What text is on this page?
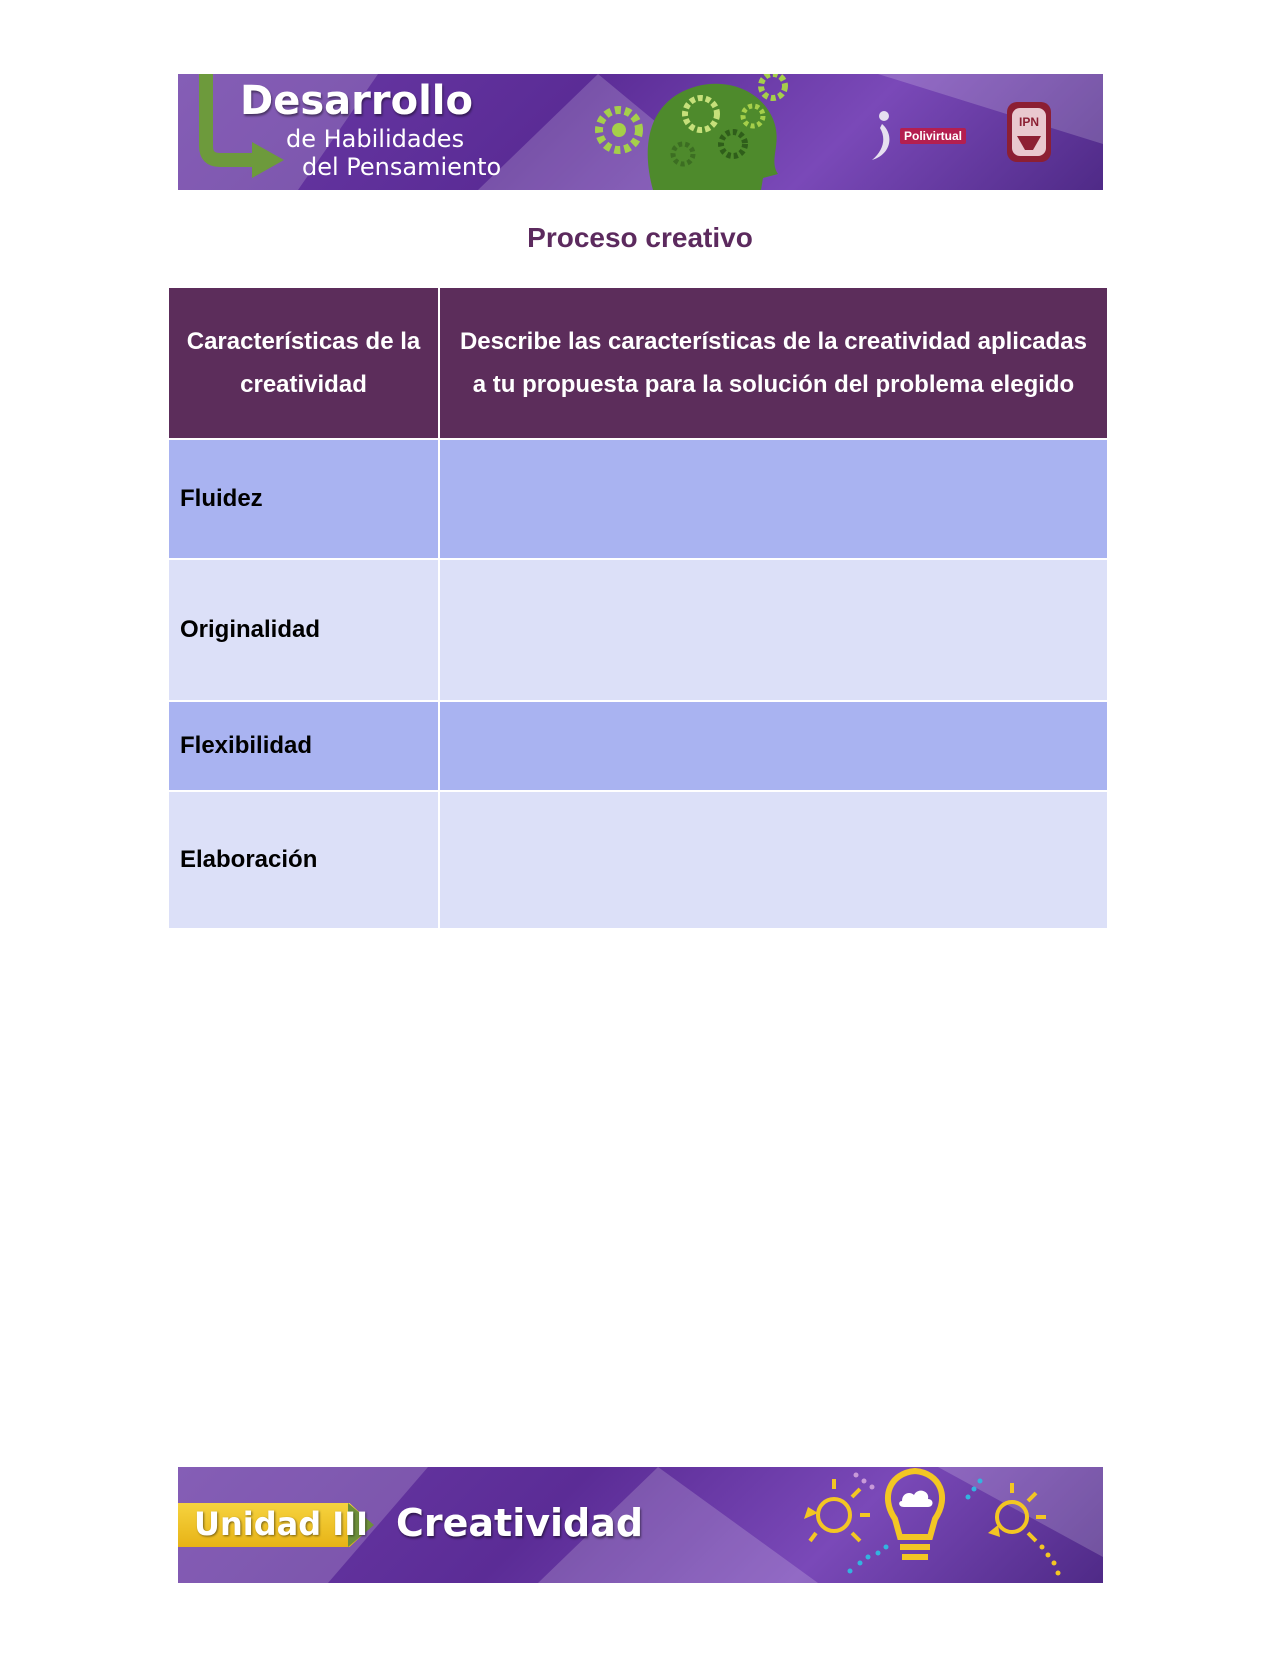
Desarrollo
de Habilidades
del Pensamiento
Polivirtual
IPN
Proceso creativo
Características de la creatividad	Describe las características de la creatividad aplicadas a tu propuesta para la solución del problema elegido
Fluidez	
Originalidad	
Flexibilidad	
Elaboración	
Unidad III Creatividad
